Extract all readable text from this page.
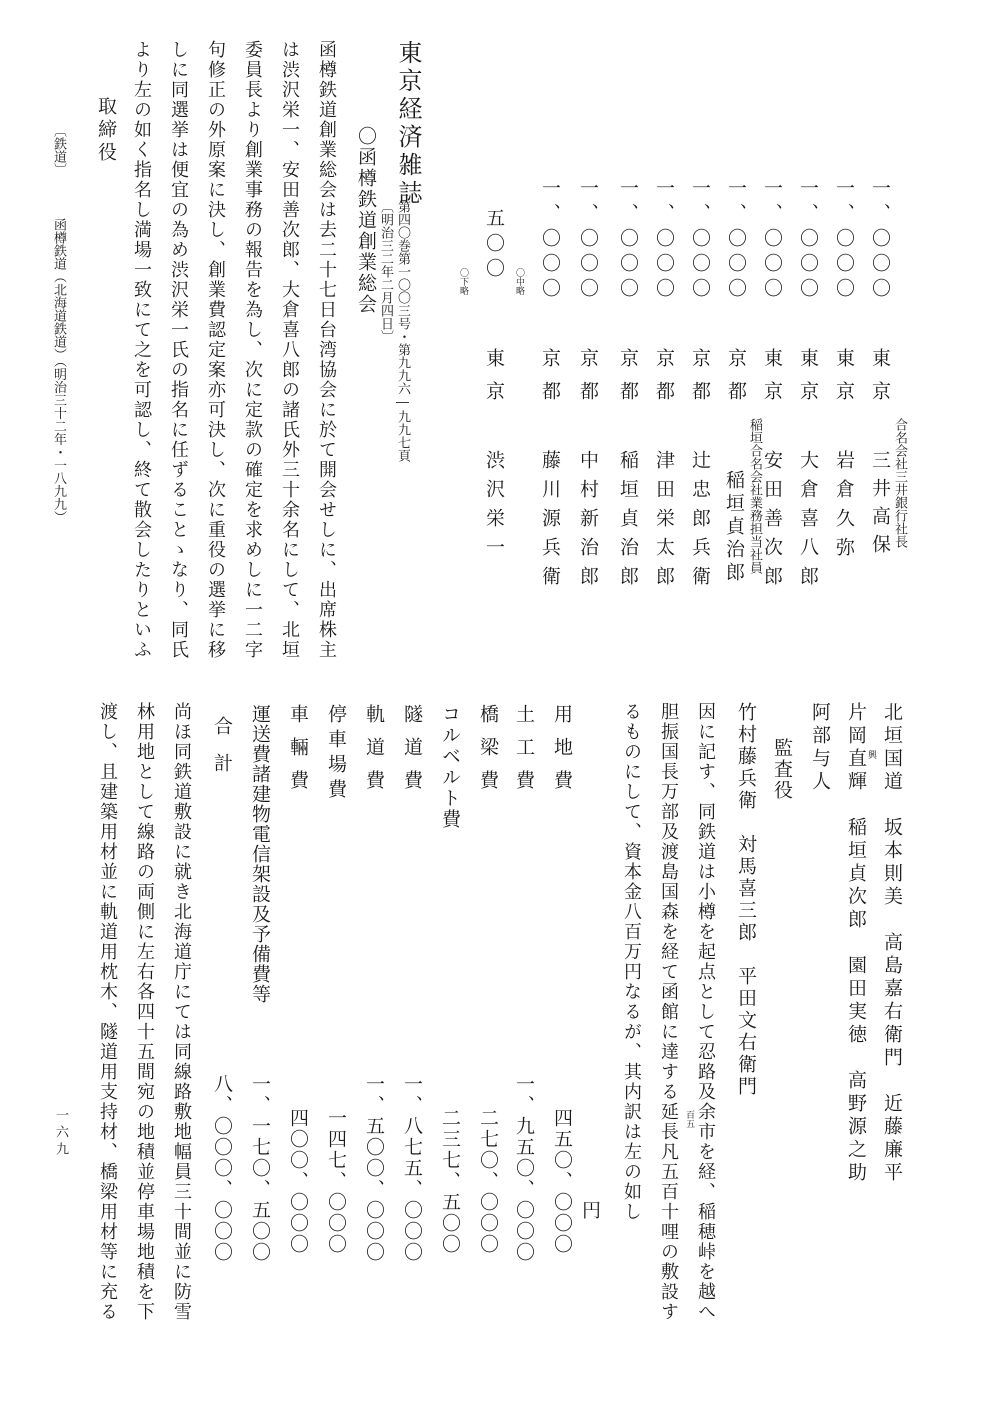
一、〇〇〇
一、〇〇〇
一、〇〇〇
一、〇〇〇
一、〇〇〇
一、〇〇〇
一、〇〇〇
一、〇〇〇
一、〇〇〇
一、〇〇〇
東京
東京
東京
東京
京都
京都
京都
京都
京都
京都
合名会社三井銀行社長
稲垣合名会社業務担当社員	三井高保
岩倉久弥
大倉喜八郎
安田善次郎
稲垣貞治郎
辻忠郎兵衛
津田栄太郎
稲垣貞治郎
中村新治郎
藤川源兵衛
〇中略
五〇〇
東京
渋沢栄一
〇下略
東京経済雑誌
第四〇巻第一〇〇三号・第九九六―九九七頁
〔明治三二年二月四日〕
〇函樽鉄道創業総会
函樽鉄道創業総会は去二十七日台湾協会に於て開会せしに、出席株主
は渋沢栄一、安田善次郎、大倉喜八郎の諸氏外三十余名にして、北垣
委員長より創業事務の報告を為し、次に定款の確定を求めしに一二字
句修正の外原案に決し、創業費認定案亦可決し、次に重役の選挙に移
しに同選挙は便宜の為め渋沢栄一氏の指名に任ずることゝなり、同氏
より左の如く指名し満場一致にて之を可認し、終て散会したりといふ
取締役
〔鉄道〕
函樽鉄道（北海道鉄道）（明治三十二年・一八九九）
北垣国道　坂本則美　高島嘉右衛門　近藤廉平
片岡直輝　稲垣貞次郎　園田実徳　高野源之助 興
阿部与人
監査役
竹村藤兵衛　対馬喜三郎　平田文右衛門
因に記す、同鉄道は小樽を起点として忍路及余市を経、稲穂峠を越へ
胆振国長万部及渡島国森を経て函館に達する延長凡五百十哩の敷設す 百五
るものにして、資本金八百万円なるが、其内訳は左の如し
円
用地費
土工費
橋梁費
コルベルト費
隧道費
軌道費
停車場費
車輛費
運送費諸建物電信架設及予備費等
合計
四五〇、〇〇〇
一、九五〇、〇〇〇
二七〇、〇〇〇
二三七、五〇〇
一、八七五、〇〇〇
一、五〇〇、〇〇〇
一四七、〇〇〇
四〇〇、〇〇〇
一、一七〇、五〇〇
八、〇〇〇、〇〇〇
尚ほ同鉄道敷設に就き北海道庁にては同線路敷地幅員三十間並に防雪
林用地として線路の両側に左右各四十五間宛の地積並停車場地積を下
渡し、且建築用材並に軌道用枕木、隧道用支持材、橋梁用材等に充る
一六九
